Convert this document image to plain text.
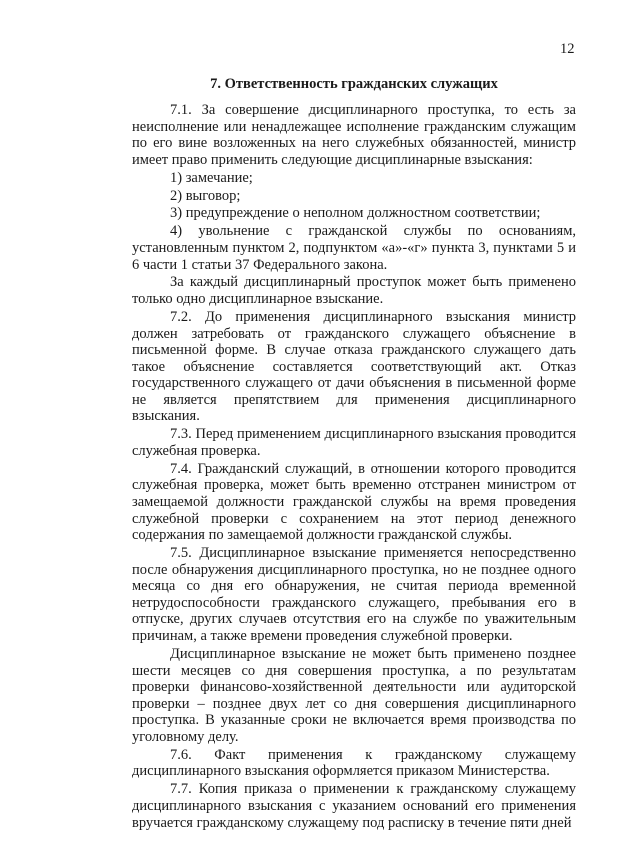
12
7. Ответственность гражданских служащих

7.1. За совершение дисциплинарного проступка, то есть за неисполнение или ненадлежащее исполнение гражданским служащим по его вине возложенных на него служебных обязанностей, министр имеет право применить следующие дисциплинарные взыскания:

1) замечание;

2) выговор;

3) предупреждение о неполном должностном соответствии;

4) увольнение с гражданской службы по основаниям, установленным пунктом 2, подпунктом «а»-«г» пункта 3, пунктами 5 и 6 части 1 статьи 37 Федерального закона.

За каждый дисциплинарный проступок может быть применено только одно дисциплинарное взыскание.

7.2. До применения дисциплинарного взыскания министр должен затребовать от гражданского служащего объяснение в письменной форме. В случае отказа гражданского служащего дать такое объяснение составляется соответствующий акт. Отказ государственного служащего от дачи объяснения в письменной форме не является препятствием для применения дисциплинарного взыскания.

7.3. Перед применением дисциплинарного взыскания проводится служебная проверка.

7.4. Гражданский служащий, в отношении которого проводится служебная проверка, может быть временно отстранен министром от замещаемой должности гражданской службы на время проведения служебной проверки с сохранением на этот период денежного содержания по замещаемой должности гражданской службы.

7.5. Дисциплинарное взыскание применяется непосредственно после обнаружения дисциплинарного проступка, но не позднее одного месяца со дня его обнаружения, не считая периода временной нетрудоспособности гражданского служащего, пребывания его в отпуске, других случаев отсутствия его на службе по уважительным причинам, а также времени проведения служебной проверки.

Дисциплинарное взыскание не может быть применено позднее шести месяцев со дня совершения проступка, а по результатам проверки финансово-хозяйственной деятельности или аудиторской проверки – позднее двух лет со дня совершения дисциплинарного проступка. В указанные сроки не включается время производства по уголовному делу.

7.6. Факт применения к гражданскому служащему дисциплинарного взыскания оформляется приказом Министерства.

7.7. Копия приказа о применении к гражданскому служащему дисциплинарного взыскания с указанием оснований его применения вручается гражданскому служащему под расписку в течение пяти дней
